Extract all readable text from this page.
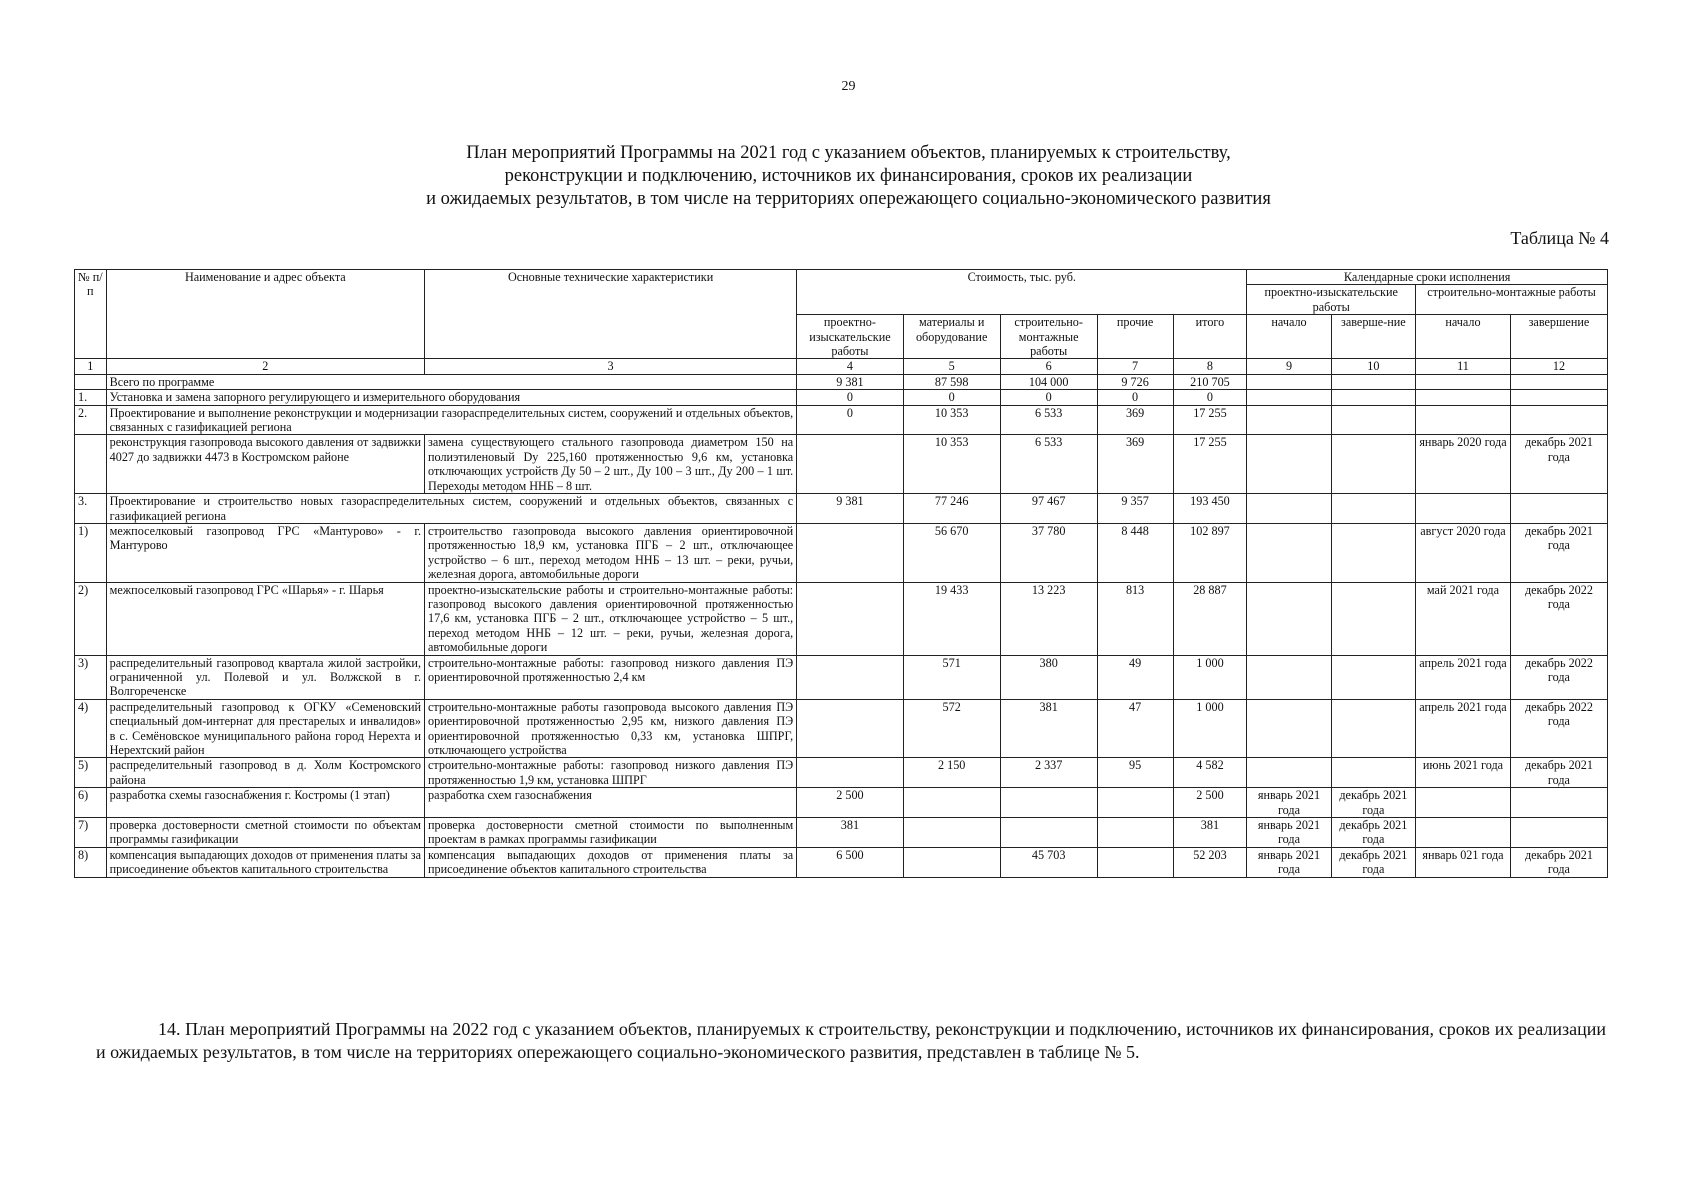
29
План мероприятий Программы на 2021 год с указанием объектов, планируемых к строительству,
реконструкции и подключению, источников их финансирования, сроков их реализации
и ожидаемых результатов, в том числе на территориях опережающего социально-экономического развития
Таблица № 4
№ п/п	Наименование и адрес объекта	Основные технические характеристики	Стоимость, тыс. руб.					Календарные сроки исполнения			
								проектно-изыскательские работы		строительно-монтажные работы	
			проектно-изыскательские работы	материалы и оборудование	строительно-монтажные работы	прочие	итого	начало	заверше-ние	начало	завершение
1	2	3	4	5	6	7	8	9	10	11	12
	Всего по программе		9 381	87 598	104 000	9 726	210 705				
1.	Установка и замена запорного регулирующего и измерительного оборудования		0	0	0	0	0				
2.	Проектирование и выполнение реконструкции и модернизации газораспределительных систем, сооружений и отдельных объектов, связанных с газификацией региона		0	10 353	6 533	369	17 255				
	реконструкция газопровода высокого давления от задвижки 4027 до задвижки 4473 в Костромском районе	замена существующего стального газопровода диаметром 150 на полиэтиленовый Dy 225,160 протяженностью 9,6 км, установка отключающих устройств Ду 50 – 2 шт., Ду 100 – 3 шт., Ду 200 – 1 шт. Переходы методом ННБ – 8 шт.		10 353	6 533	369	17 255			январь 2020 года	декабрь 2021 года
3.	Проектирование и строительство новых газораспределительных систем, сооружений и отдельных объектов, связанных с газификацией региона		9 381	77 246	97 467	9 357	193 450				
1)	межпоселковый газопровод ГРС «Мантурово» - г. Мантурово	строительство газопровода высокого давления ориентировочной протяженностью 18,9 км, установка ПГБ – 2 шт., отключающее устройство – 6 шт., переход методом ННБ – 13 шт. – реки, ручьи, железная дорога, автомобильные дороги		56 670	37 780	8 448	102 897			август 2020 года	декабрь 2021 года
2)	межпоселковый газопровод ГРС «Шарья» - г. Шарья	проектно-изыскательские работы и строительно-монтажные работы: газопровод высокого давления ориентировочной протяженностью 17,6 км, установка ПГБ – 2 шт., отключающее устройство – 5 шт., переход методом ННБ – 12 шт. – реки, ручьи, железная дорога, автомобильные дороги		19 433	13 223	813	28 887			май 2021 года	декабрь 2022 года
3)	распределительный газопровод квартала жилой застройки, ограниченной ул. Полевой и ул. Волжской в г. Волгореченске	строительно-монтажные работы: газопровод низкого давления ПЭ ориентировочной протяженностью 2,4 км		571	380	49	1 000			апрель 2021 года	декабрь 2022 года
4)	распределительный газопровод к ОГКУ «Семеновский специальный дом-интернат для престарелых и инвалидов» в с. Семёновское муниципального района город Нерехта и Нерехтский район	строительно-монтажные работы газопровода высокого давления ПЭ ориентировочной протяженностью 2,95 км, низкого давления ПЭ ориентировочной протяженностью 0,33 км, установка ШПРГ, отключающего устройства		572	381	47	1 000			апрель 2021 года	декабрь 2022 года
5)	распределительный газопровод в д. Холм Костромского района	строительно-монтажные работы: газопровод низкого давления ПЭ протяженностью 1,9 км, установка ШПРГ		2 150	2 337	95	4 582			июнь 2021 года	декабрь 2021 года
6)	разработка схемы газоснабжения г. Костромы (1 этап)	разработка схем газоснабжения	2 500				2 500	январь 2021 года	декабрь 2021 года		
7)	проверка достоверности сметной стоимости по объектам программы газификации	проверка достоверности сметной стоимости по выполненным проектам в рамках программы газификации	381				381	январь 2021 года	декабрь 2021 года		
8)	компенсация выпадающих доходов от применения платы за присоединение объектов капитального строительства	компенсация выпадающих доходов от применения платы за присоединение объектов капитального строительства	6 500		45 703		52 203	январь 2021 года	декабрь 2021 года	январь 021 года	декабрь 2021 года
14. План мероприятий Программы на 2022 год с указанием объектов, планируемых к строительству, реконструкции и подключению, источников их финансирования, сроков их реализации и ожидаемых результатов, в том числе на территориях опережающего социально-экономического развития, представлен в таблице № 5.
